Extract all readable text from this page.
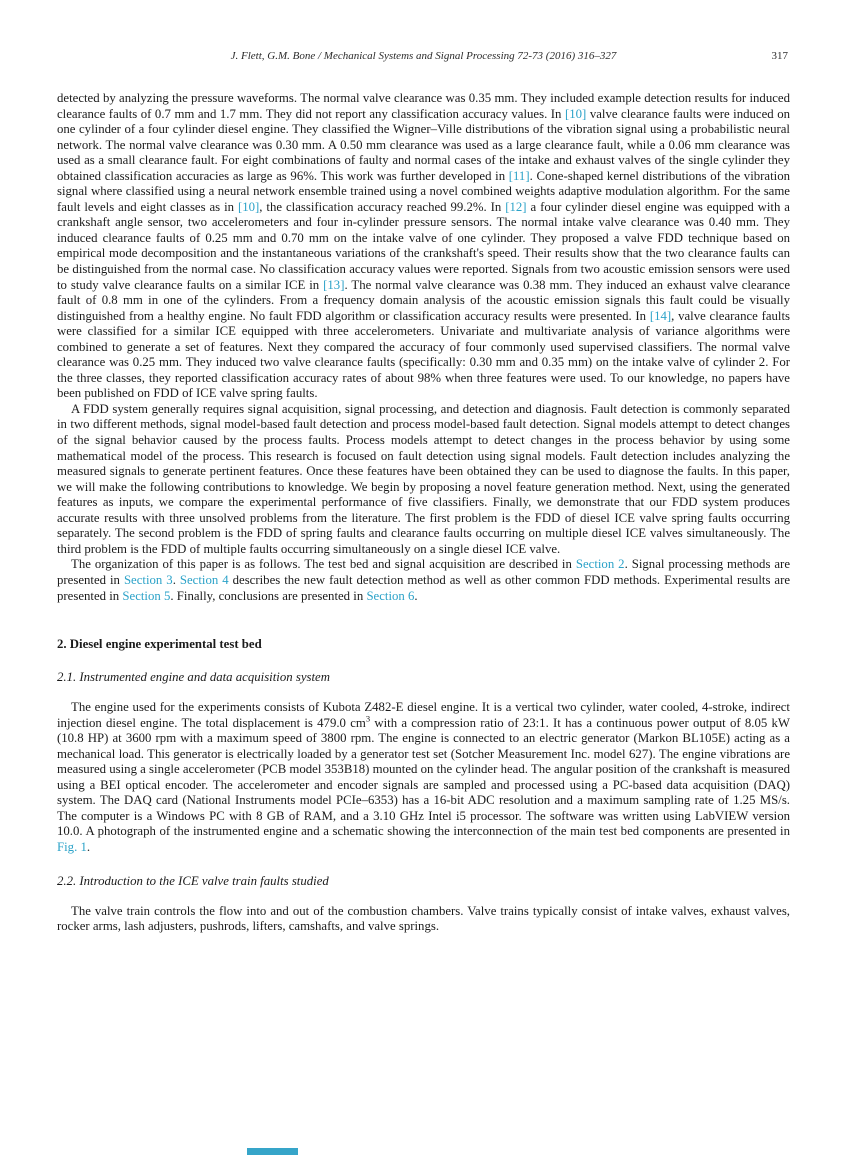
J. Flett, G.M. Bone / Mechanical Systems and Signal Processing 72-73 (2016) 316–327	317

detected by analyzing the pressure waveforms. The normal valve clearance was 0.35 mm. They included example detection results for induced clearance faults of 0.7 mm and 1.7 mm. They did not report any classification accuracy values. In [10] valve clearance faults were induced on one cylinder of a four cylinder diesel engine. They classified the Wigner–Ville distributions of the vibration signal using a probabilistic neural network. The normal valve clearance was 0.30 mm. A 0.50 mm clearance was used as a large clearance fault, while a 0.06 mm clearance was used as a small clearance fault. For eight combinations of faulty and normal cases of the intake and exhaust valves of the single cylinder they obtained classification accuracies as large as 96%. This work was further developed in [11]. Cone-shaped kernel distributions of the vibration signal where classified using a neural network ensemble trained using a novel combined weights adaptive modulation algorithm. For the same fault levels and eight classes as in [10], the classification accuracy reached 99.2%. In [12] a four cylinder diesel engine was equipped with a crankshaft angle sensor, two accelerometers and four in-cylinder pressure sensors. The normal intake valve clearance was 0.40 mm. They induced clearance faults of 0.25 mm and 0.70 mm on the intake valve of one cylinder. They proposed a valve FDD technique based on empirical mode decomposition and the instantaneous variations of the crankshaft's speed. Their results show that the two clearance faults can be distinguished from the normal case. No classification accuracy values were reported. Signals from two acoustic emission sensors were used to study valve clearance faults on a similar ICE in [13]. The normal valve clearance was 0.38 mm. They induced an exhaust valve clearance fault of 0.8 mm in one of the cylinders. From a frequency domain analysis of the acoustic emission signals this fault could be visually distinguished from a healthy engine. No fault FDD algorithm or classification accuracy results were presented. In [14], valve clearance faults were classified for a similar ICE equipped with three accelerometers. Univariate and multivariate analysis of variance algorithms were combined to generate a set of features. Next they compared the accuracy of four commonly used supervised classifiers. The normal valve clearance was 0.25 mm. They induced two valve clearance faults (specifically: 0.30 mm and 0.35 mm) on the intake valve of cylinder 2. For the three classes, they reported classification accuracy rates of about 98% when three features were used. To our knowledge, no papers have been published on FDD of ICE valve spring faults.

A FDD system generally requires signal acquisition, signal processing, and detection and diagnosis. Fault detection is commonly separated in two different methods, signal model-based fault detection and process model-based fault detection. Signal models attempt to detect changes of the signal behavior caused by the process faults. Process models attempt to detect changes in the process behavior by using some mathematical model of the process. This research is focused on fault detection using signal models. Fault detection includes analyzing the measured signals to generate pertinent features. Once these features have been obtained they can be used to diagnose the faults. In this paper, we will make the following contributions to knowledge. We begin by proposing a novel feature generation method. Next, using the generated features as inputs, we compare the experimental performance of five classifiers. Finally, we demonstrate that our FDD system produces accurate results with three unsolved problems from the literature. The first problem is the FDD of diesel ICE valve spring faults occurring separately. The second problem is the FDD of spring faults and clearance faults occurring on multiple diesel ICE valves simultaneously. The third problem is the FDD of multiple faults occurring simultaneously on a single diesel ICE valve.

The organization of this paper is as follows. The test bed and signal acquisition are described in Section 2. Signal processing methods are presented in Section 3. Section 4 describes the new fault detection method as well as other common FDD methods. Experimental results are presented in Section 5. Finally, conclusions are presented in Section 6.

2. Diesel engine experimental test bed
2.1. Instrumented engine and data acquisition system

The engine used for the experiments consists of Kubota Z482-E diesel engine. It is a vertical two cylinder, water cooled, 4-stroke, indirect injection diesel engine. The total displacement is 479.0 $cm^3$ with a compression ratio of 23:1. It has a continuous power output of 8.05 kW (10.8 HP) at 3600 rpm with a maximum speed of 3800 rpm. The engine is connected to an electric generator (Markon BL105E) acting as a mechanical load. This generator is electrically loaded by a generator test set (Sotcher Measurement Inc. model 627). The engine vibrations are measured using a single accelerometer (PCB model 353B18) mounted on the cylinder head. The angular position of the crankshaft is measured using a BEI optical encoder. The accelerometer and encoder signals are sampled and processed using a PC-based data acquisition (DAQ) system. The DAQ card (National Instruments model PCIe–6353) has a 16-bit ADC resolution and a maximum sampling rate of 1.25 MS/s. The computer is a Windows PC with 8 GB of RAM, and a 3.10 GHz Intel i5 processor. The software was written using LabVIEW version 10.0. A photograph of the instrumented engine and a schematic showing the interconnection of the main test bed components are presented in Fig. 1.

2.2. Introduction to the ICE valve train faults studied

The valve train controls the flow into and out of the combustion chambers. Valve trains typically consist of intake valves, exhaust valves, rocker arms, lash adjusters, pushrods, lifters, camshafts, and valve springs.
